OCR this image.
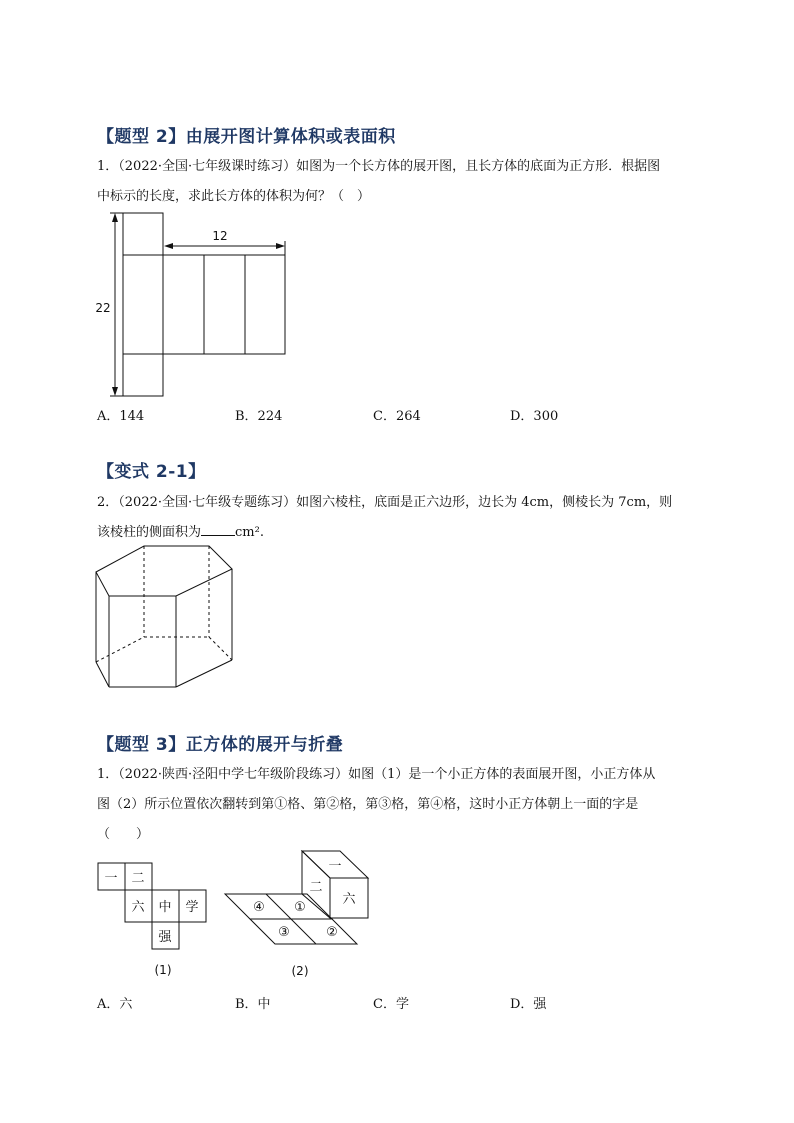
【题型 2】由展开图计算体积或表面积
1．（2022·全国·七年级课时练习）如图为一个长方体的展开图，且长方体的底面为正方形．根据图
中标示的长度，求此长方体的体积为何？（　）
12
22
A．144	B．224	C．264	D．300
【变式 2-1】
2．（2022·全国·七年级专题练习）如图六棱柱，底面是正六边形，边长为 4cm，侧棱长为 7cm，则
该棱柱的侧面积为	cm².
【题型 3】正方体的展开与折叠
1．（2022·陕西·泾阳中学七年级阶段练习）如图（1）是一个小正方体的表面展开图，小正方体从
图（2）所示位置依次翻转到第①格、第②格，第③格，第④格，这时小正方体朝上一面的字是
（　　）
一 二
六 中 学
强
(1)
④ ①
③	②
一
二
六
(2)
A．六	B．中	C．学	D．强
